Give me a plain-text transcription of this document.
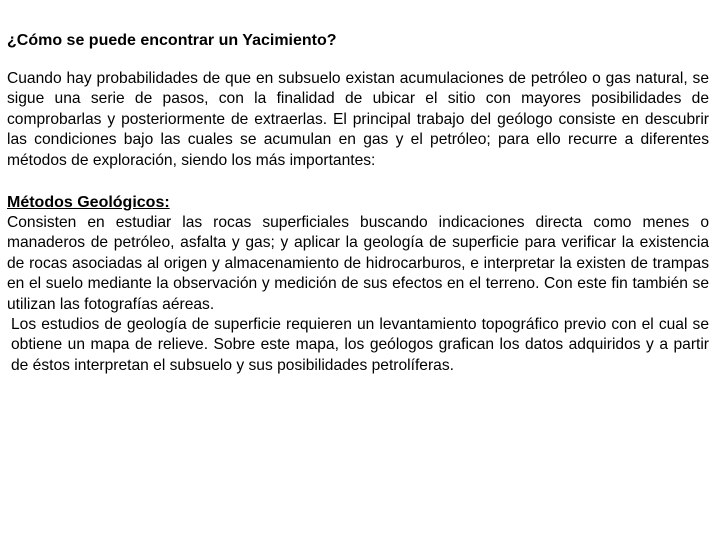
¿Cómo se puede encontrar un Yacimiento?

Cuando hay probabilidades de que en subsuelo existan acumulaciones de petróleo o gas natural, se sigue una serie de pasos, con la finalidad de ubicar el sitio con mayores posibilidades de comprobarlas y posteriormente de extraerlas. El principal trabajo del geólogo consiste en descubrir las condiciones bajo las cuales se acumulan en gas y el petróleo; para ello recurre a diferentes métodos de exploración, siendo los más importantes:

Métodos Geológicos:

Consisten en estudiar las rocas superficiales buscando indicaciones directa como menes o manaderos de petróleo, asfalta y gas; y aplicar la geología de superficie para verificar la existencia de rocas asociadas al origen y almacenamiento de hidrocarburos, e interpretar la existen de trampas en el suelo mediante la observación y medición de sus efectos en el terreno. Con este fin también se utilizan las fotografías aéreas.

Los estudios de geología de superficie requieren un levantamiento topográfico previo con el cual se obtiene un mapa de relieve. Sobre este mapa, los geólogos grafican los datos adquiridos y a partir de éstos interpretan el subsuelo y sus posibilidades petrolíferas.
